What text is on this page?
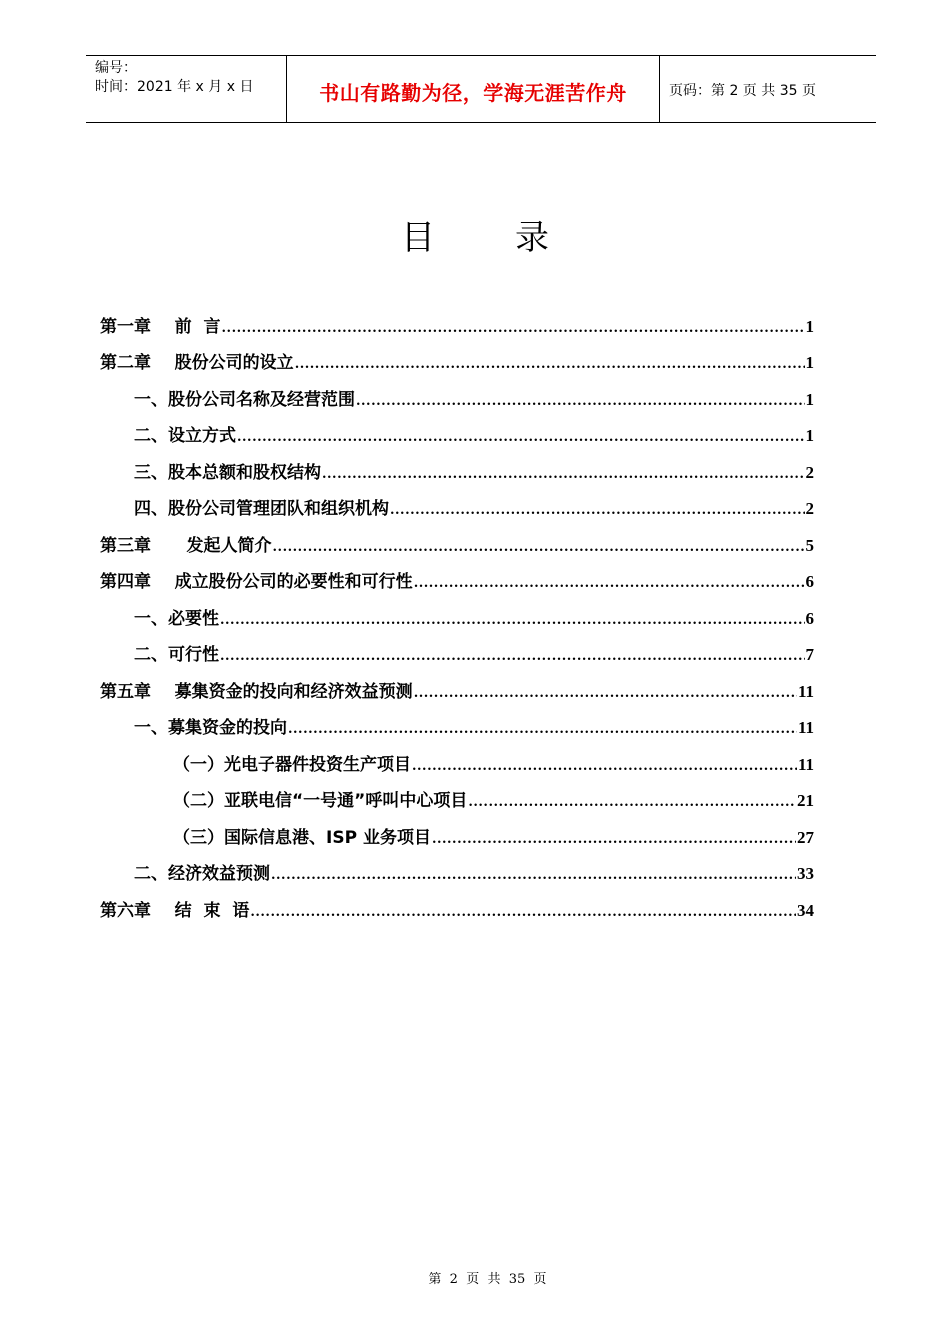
编号：
时间：2021 年 x 月 x 日	书山有路勤为径，学海无涯苦作舟	页码：第 2 页 共 35 页
目 录
第一章    前  言 .....	1
第二章    股份公司的设立 .....	1
一、股份公司名称及经营范围 .....	1
二、设立方式 .....	1
三、股本总额和股权结构 .....	2
四、股份公司管理团队和组织机构 .....	2
第三章      发起人简介 .....	5
第四章    成立股份公司的必要性和可行性 .....	6
一、必要性 .....	6
二、可行性 .....	7
第五章    募集资金的投向和经济效益预测 .....	11
一、募集资金的投向 .....	11
（一）光电子器件投资生产项目 .....	11
（二）亚联电信“一号通”呼叫中心项目 .....	21
（三）国际信息港、ISP 业务项目 .....	27
二、经济效益预测 .....	33
第六章    结  束  语 .....	34
第  2  页  共  35  页
